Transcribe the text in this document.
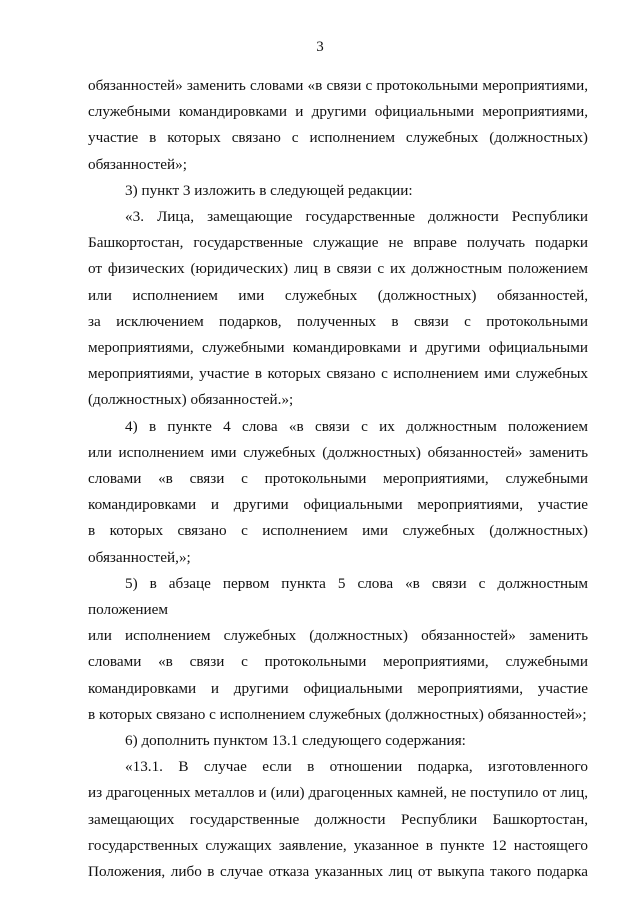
3

обязанностей» заменить словами «в связи с протокольными мероприятиями,

служебными командировками и другими официальными мероприятиями,

участие в которых связано с исполнением служебных (должностных)

обязанностей»;

3) пункт 3 изложить в следующей редакции:

«3. Лица, замещающие государственные должности Республики

Башкортостан, государственные служащие не вправе получать подарки

от физических (юридических) лиц в связи с их должностным положением

или исполнением ими служебных (должностных) обязанностей,

за исключением подарков, полученных в связи с протокольными

мероприятиями, служебными командировками и другими официальными

мероприятиями, участие в которых связано с исполнением ими служебных

(должностных) обязанностей.»;

4) в пункте 4 слова «в связи с их должностным положением

или исполнением ими служебных (должностных) обязанностей» заменить

словами «в связи с протокольными мероприятиями, служебными

командировками и другими официальными мероприятиями, участие

в которых связано с исполнением ими служебных (должностных)

обязанностей,»;

5) в абзаце первом пункта 5 слова «в связи с должностным положением

или исполнением служебных (должностных) обязанностей» заменить

словами «в связи с протокольными мероприятиями, служебными

командировками и другими официальными мероприятиями, участие

в которых связано с исполнением служебных (должностных) обязанностей»;

6) дополнить пунктом 13.1 следующего содержания:

«13.1. В случае если в отношении подарка, изготовленного

из драгоценных металлов и (или) драгоценных камней, не поступило от лиц,

замещающих государственные должности Республики Башкортостан,

государственных служащих заявление, указанное в пункте 12 настоящего

Положения, либо в случае отказа указанных лиц от выкупа такого подарка
